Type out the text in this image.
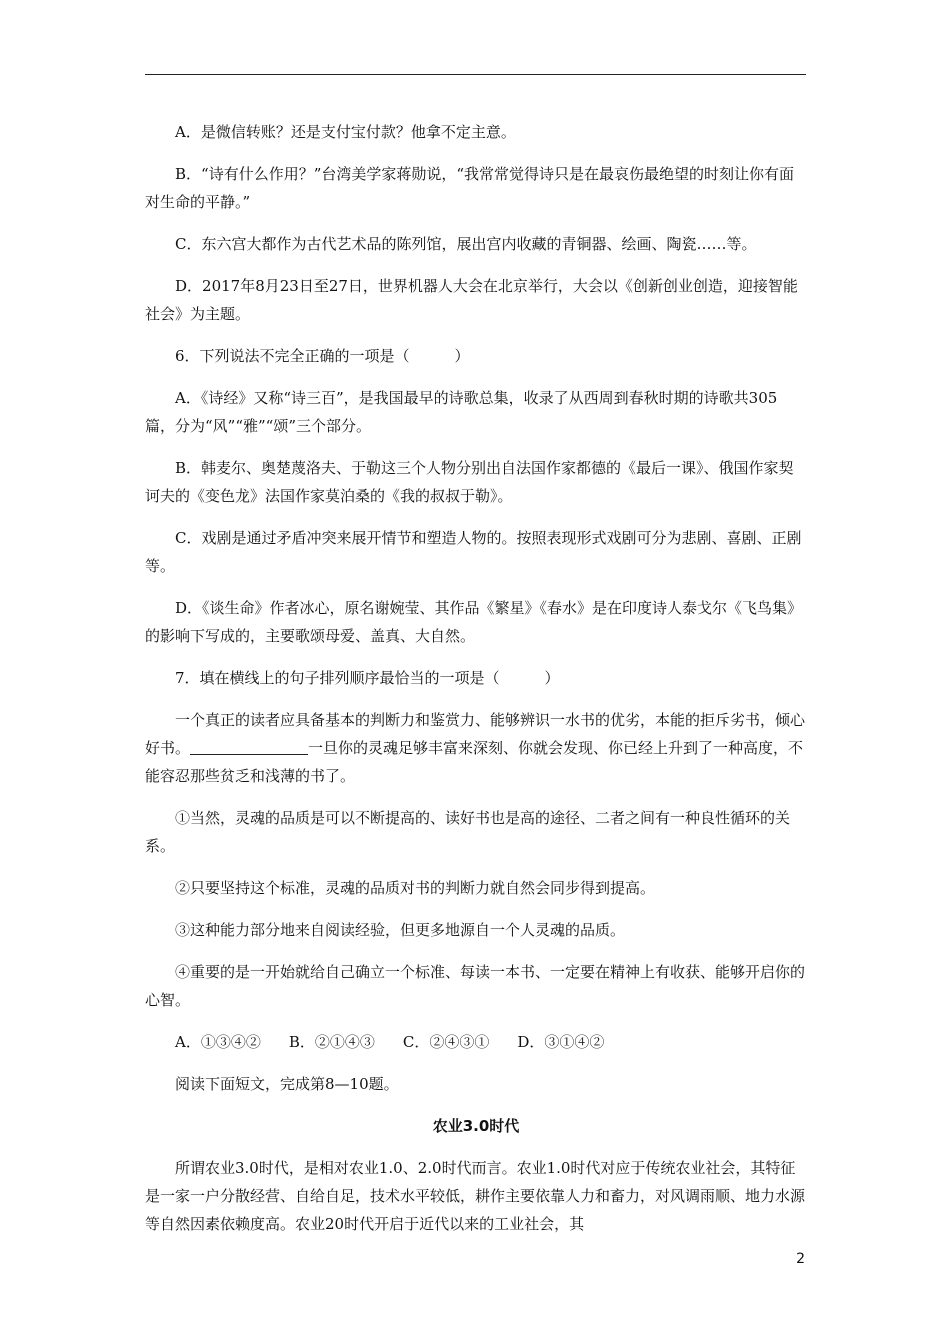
A．是微信转账？还是支付宝付款？他拿不定主意。

B．“诗有什么作用？”台湾美学家蒋勋说，“我常常觉得诗只是在最哀伤最绝望的时刻让你有面对生命的平静。”

C．东六宫大都作为古代艺术品的陈列馆，展出宫内收藏的青铜器、绘画、陶瓷……等。

D．2017年8月23日至27日，世界机器人大会在北京举行，大会以《创新创业创造，迎接智能社会》为主题。

6．下列说法不完全正确的一项是（　　　）

A．《诗经》又称“诗三百”，是我国最早的诗歌总集，收录了从西周到春秋时期的诗歌共305篇，分为“风”“雅”“颂”三个部分。

B．韩麦尔、奥楚蔑洛夫、于勒这三个人物分别出自法国作家都德的《最后一课》、俄国作家契诃夫的《变色龙》法国作家莫泊桑的《我的叔叔于勒》。

C．戏剧是通过矛盾冲突来展开情节和塑造人物的。按照表现形式戏剧可分为悲剧、喜剧、正剧等。

D．《谈生命》作者冰心，原名谢婉莹、其作品《繁星》《春水》是在印度诗人泰戈尔《飞鸟集》的影响下写成的，主要歌颂母爱、盖真、大自然。

7．填在横线上的句子排列顺序最恰当的一项是（　　　）

一个真正的读者应具备基本的判断力和鉴赏力、能够辨识一水书的优劣，本能的拒斥劣书，倾心好书。	一旦你的灵魂足够丰富来深刻、你就会发现、你已经上升到了一种高度，不能容忍那些贫乏和浅薄的书了。

①当然，灵魂的品质是可以不断提高的、读好书也是高的途径、二者之间有一种良性循环的关系。

②只要坚持这个标准，灵魂的品质对书的判断力就自然会同步得到提高。

③这种能力部分地来自阅读经验，但更多地源自一个人灵魂的品质。

④重要的是一开始就给自己确立一个标准、每读一本书、一定要在精神上有收获、能够开启你的心智。

A．①③④② B．②①④③ C．②④③① D．③①④②

阅读下面短文，完成第8—10题。

农业3.0时代

所谓农业3.0时代，是相对农业1.0、2.0时代而言。农业1.0时代对应于传统农业社会，其特征是一家一户分散经营、自给自足，技术水平较低，耕作主要依靠人力和畜力，对风调雨顺、地力水源等自然因素依赖度高。农业20时代开启于近代以来的工业社会，其

2
